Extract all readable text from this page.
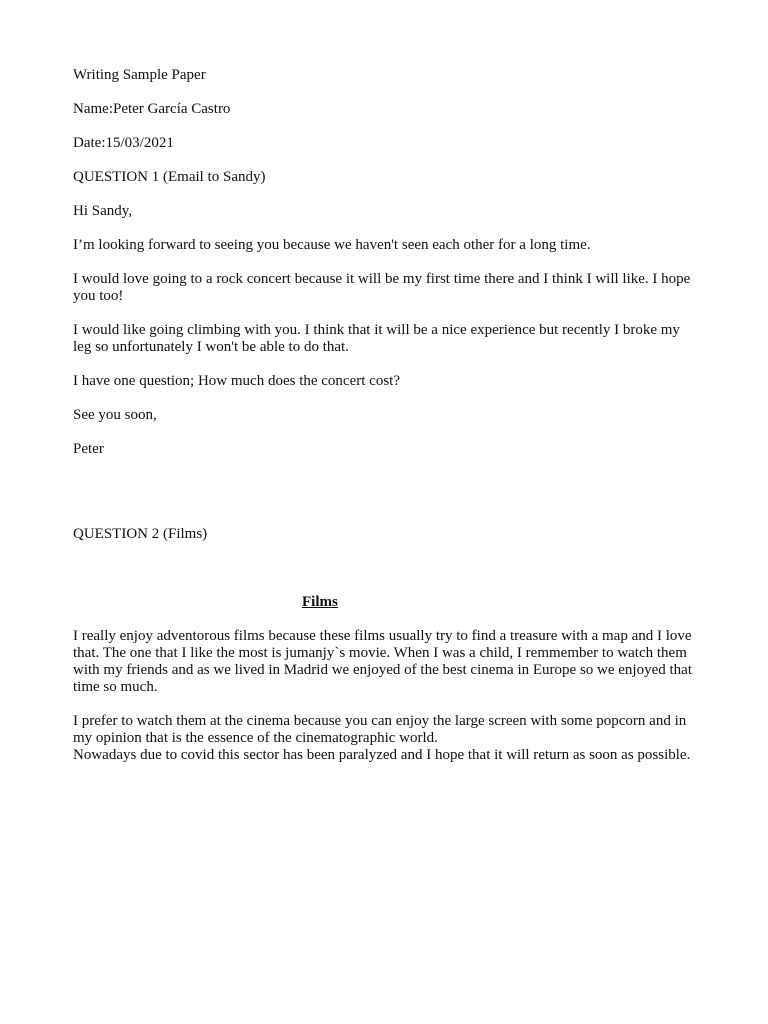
Writing Sample Paper

Name:Peter García Castro

Date:15/03/2021

QUESTION 1 (Email to Sandy)

Hi Sandy,

I’m looking forward to seeing you because we haven't seen each other for a long time.

I would love going to a rock concert because it will be my first time there and I think I will like. I hope you too!

I would like going climbing with you. I think that it will be a nice experience but recently I broke my leg so unfortunately I won't be able to do that.

I have one question; How much does the concert cost?

See you soon,

Peter

QUESTION 2 (Films)

Films

I really enjoy adventorous films because these films usually try to find a treasure with a map and I love that. The one that I like the most is jumanjy`s movie. When I was a child, I remmember to watch them with my friends and as we lived in Madrid we enjoyed of the best cinema in Europe so we enjoyed that time so much.

I prefer to watch them at the cinema because you can enjoy the large screen with some popcorn and in my opinion that is the essence of the cinematographic world.

Nowadays due to covid this sector has been paralyzed and I hope that it will return as soon as possible.
